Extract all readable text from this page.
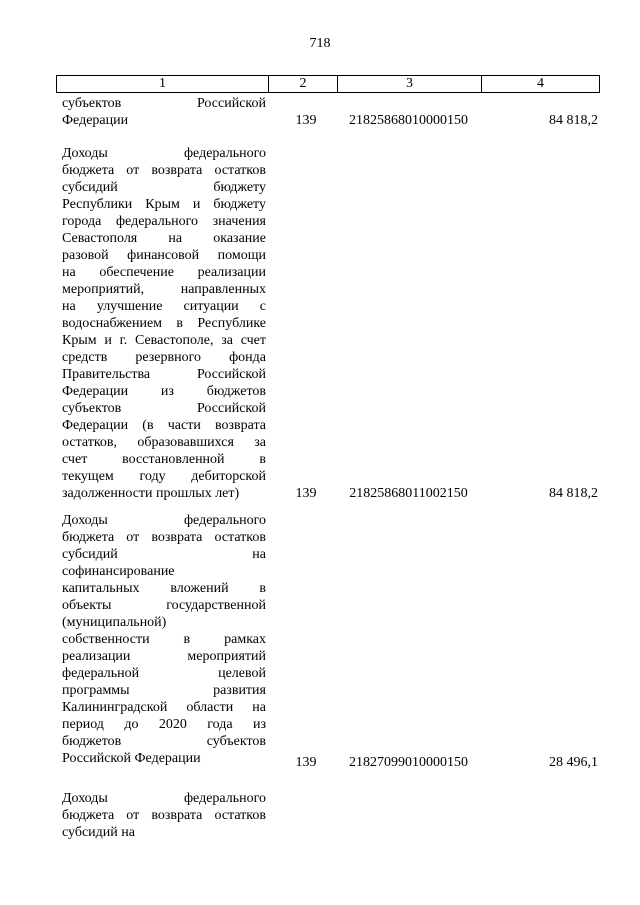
718
1	2	3	4
субъектов Российской
Федерации	139	21825868010000150	84 818,2
Доходы федерального
бюджета от возврата остатков
субсидий бюджету
Республики Крым и бюджету
города федерального значения
Севастополя на оказание
разовой финансовой помощи
на обеспечение реализации
мероприятий, направленных
на улучшение ситуации с
водоснабжением в Республике
Крым и г. Севастополе, за счет
средств резервного фонда
Правительства Российской
Федерации из бюджетов
субъектов Российской
Федерации (в части возврата
остатков, образовавшихся за
счет восстановленной в
текущем году дебиторской
задолженности прошлых лет)	139	21825868011002150	84 818,2
Доходы федерального
бюджета от возврата остатков
субсидий на
софинансирование
капитальных вложений в
объекты государственной
(муниципальной)
собственности в рамках
реализации мероприятий
федеральной целевой
программы развития
Калининградской области на
период до 2020 года из
бюджетов субъектов
Российской Федерации	139	21827099010000150	28 496,1
Доходы федерального
бюджета от возврата остатков
субсидий на
